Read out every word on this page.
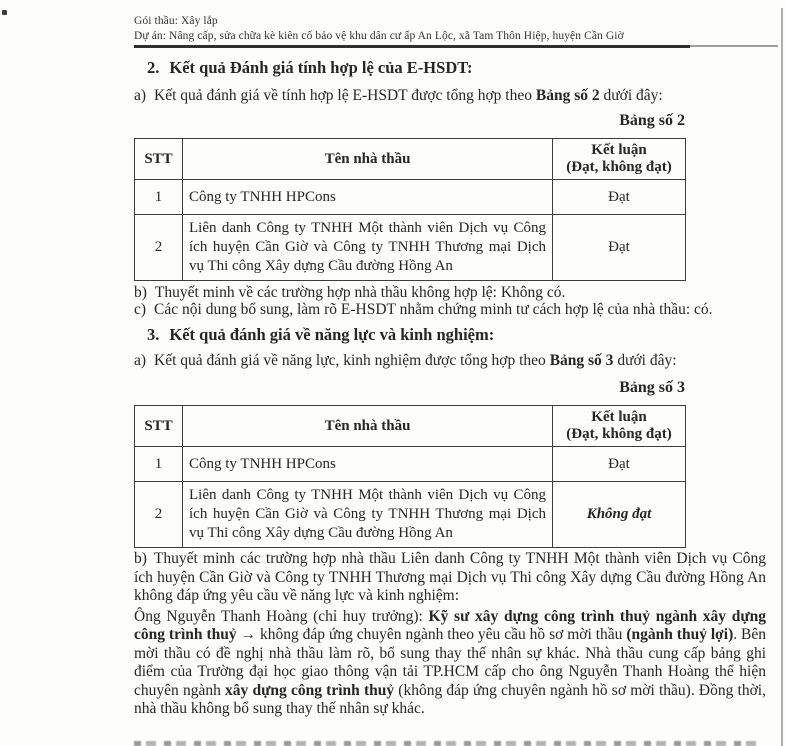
Gói thầu: Xây lắp
Dự án: Nâng cấp, sửa chữa kè kiên cố bảo vệ khu dân cư ấp An Lộc, xã Tam Thôn Hiệp, huyện Cần Giờ
2. Kết quả Đánh giá tính hợp lệ của E-HSDT:

a) Kết quả đánh giá về tính hợp lệ E-HSDT được tổng hợp theo Bảng số 2 dưới đây:

Bảng số 2
STT	Tên nhà thầu	Kết luận
(Đạt, không đạt)
1	Công ty TNHH HPCons	Đạt
2	Liên danh Công ty TNHH Một thành viên Dịch vụ Công ích huyện Cần Giờ và Công ty TNHH Thương mại Dịch vụ Thi công Xây dựng Cầu đường Hồng An	Đạt

b) Thuyết minh về các trường hợp nhà thầu không hợp lệ: Không có.

c) Các nội dung bổ sung, làm rõ E-HSDT nhằm chứng minh tư cách hợp lệ của nhà thầu: có.

3. Kết quả đánh giá về năng lực và kinh nghiệm:

a) Kết quả đánh giá về năng lực, kinh nghiệm được tổng hợp theo Bảng số 3 dưới đây:

Bảng số 3
STT	Tên nhà thầu	Kết luận
(Đạt, không đạt)
1	Công ty TNHH HPCons	Đạt
2	Liên danh Công ty TNHH Một thành viên Dịch vụ Công ích huyện Cần Giờ và Công ty TNHH Thương mại Dịch vụ Thi công Xây dựng Cầu đường Hồng An	Không đạt

b) Thuyết minh các trường hợp nhà thầu Liên danh Công ty TNHH Một thành viên Dịch vụ Công ích huyện Cần Giờ và Công ty TNHH Thương mại Dịch vụ Thi công Xây dựng Cầu đường Hồng An không đáp ứng yêu cầu về năng lực và kinh nghiệm:

Ông Nguyễn Thanh Hoàng (chỉ huy trưởng): Kỹ sư xây dựng công trình thuỷ ngành xây dựng công trình thuỷ → không đáp ứng chuyên ngành theo yêu cầu hồ sơ mời thầu (ngành thuỷ lợi). Bên mời thầu có đề nghị nhà thầu làm rõ, bổ sung thay thế nhân sự khác. Nhà thầu cung cấp bảng ghi điểm của Trường đại học giao thông vận tải TP.HCM cấp cho ông Nguyễn Thanh Hoàng thể hiện chuyên ngành xây dựng công trình thuỷ (không đáp ứng chuyên ngành hồ sơ mời thầu). Đồng thời, nhà thầu không bổ sung thay thế nhân sự khác.
